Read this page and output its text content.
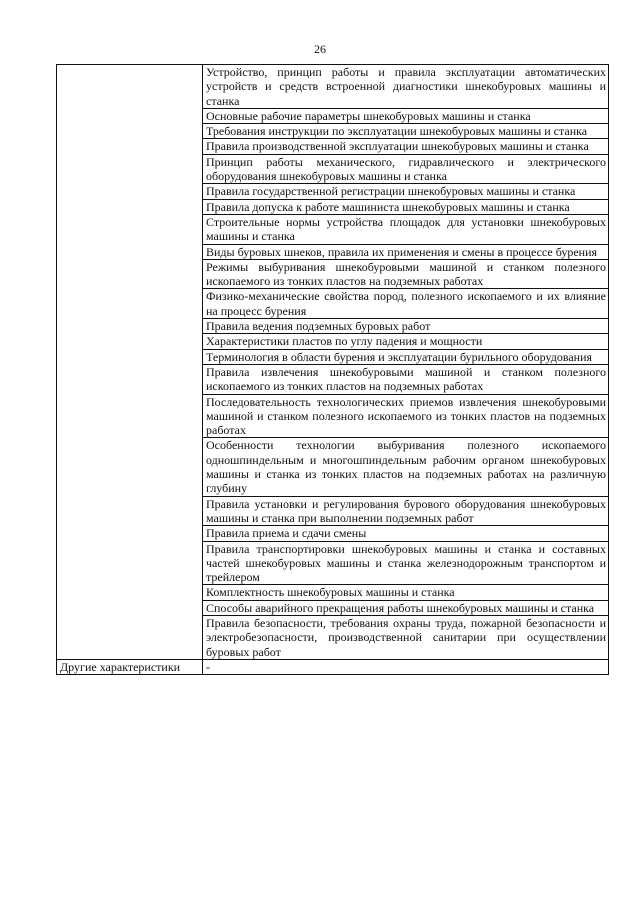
26
	Устройство, принцип работы и правила эксплуатации автоматических устройств и средств встроенной диагностики шнекобуровых машины и станка
	Основные рабочие параметры шнекобуровых машины и станка
	Требования инструкции по эксплуатации шнекобуровых машины и станка
	Правила производственной эксплуатации шнекобуровых машины и станка
	Принцип работы механического, гидравлического и электрического оборудования шнекобуровых машины и станка
	Правила государственной регистрации шнекобуровых машины и станка
	Правила допуска к работе машиниста шнекобуровых машины и станка
	Строительные нормы устройства площадок для установки шнекобуровых машины и станка
	Виды буровых шнеков, правила их применения и смены в процессе бурения
	Режимы выбуривания шнекобуровыми машиной и станком полезного ископаемого из тонких пластов на подземных работах
	Физико-механические свойства пород, полезного ископаемого и их влияние на процесс бурения
	Правила ведения подземных буровых работ
	Характеристики пластов по углу падения и мощности
	Терминология в области бурения и эксплуатации бурильного оборудования
	Правила извлечения шнекобуровыми машиной и станком полезного ископаемого из тонких пластов на подземных работах
	Последовательность технологических приемов извлечения шнекобуровыми машиной и станком полезного ископаемого из тонких пластов на подземных работах
	Особенности технологии выбуривания полезного ископаемого одношпиндельным и многошпиндельным рабочим органом шнекобуровых машины и станка из тонких пластов на подземных работах на различную глубину
	Правила установки и регулирования бурового оборудования шнекобуровых машины и станка при выполнении подземных работ
	Правила приема и сдачи смены
	Правила транспортировки шнекобуровых машины и станка и составных частей шнекобуровых машины и станка железнодорожным транспортом и трейлером
	Комплектность шнекобуровых машины и станка
	Способы аварийного прекращения работы шнекобуровых машины и станка
	Правила безопасности, требования охраны труда, пожарной безопасности и электробезопасности, производственной санитарии при осуществлении буровых работ
Другие характеристики	-
